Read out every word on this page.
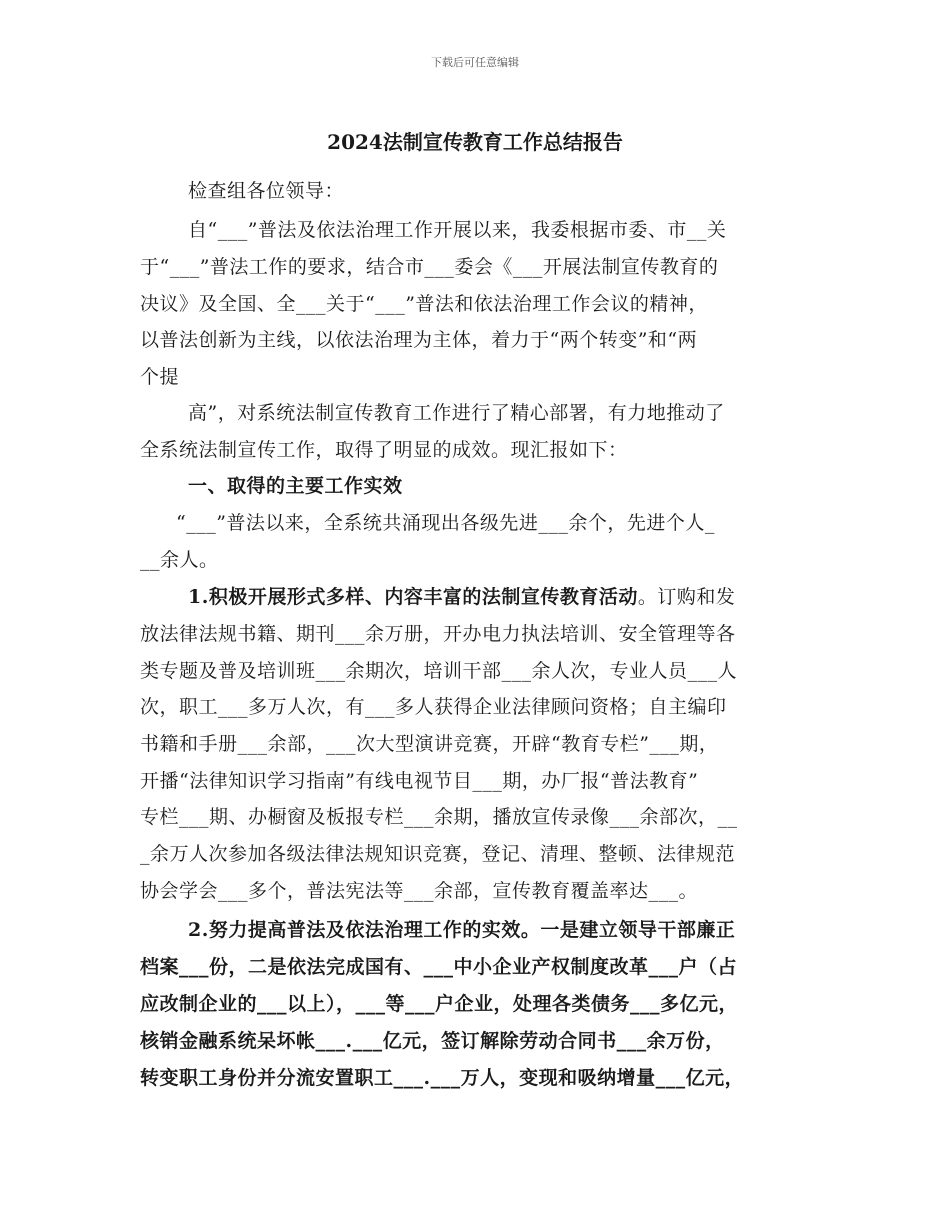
下载后可任意编辑
2024法制宣传教育工作总结报告
检查组各位领导：
自“___”普法及依法治理工作开展以来，我委根据市委、市__关
于“___”普法工作的要求，结合市___委会《___开展法制宣传教育的
决议》及全国、全___关于“___”普法和依法治理工作会议的精神，
以普法创新为主线，以依法治理为主体，着力于“两个转变”和“两
个提
高”，对系统法制宣传教育工作进行了精心部署，有力地推动了
全系统法制宣传工作，取得了明显的成效。现汇报如下：
一、取得的主要工作实效
“___”普法以来，全系统共涌现出各级先进___余个，先进个人_
__余人。
1.积极开展形式多样、内容丰富的法制宣传教育活动。订购和发
放法律法规书籍、期刊___余万册，开办电力执法培训、安全管理等各
类专题及普及培训班___余期次，培训干部___余人次，专业人员___人
次，职工___多万人次，有___多人获得企业法律顾问资格；自主编印
书籍和手册___余部，___次大型演讲竞赛，开辟“教育专栏”___期，
开播“法律知识学习指南”有线电视节目___期，办厂报“普法教育”
专栏___期、办橱窗及板报专栏___余期，播放宣传录像___余部次，__
_余万人次参加各级法律法规知识竞赛，登记、清理、整顿、法律规范
协会学会___多个，普法宪法等___余部，宣传教育覆盖率达___。
2.努力提高普法及依法治理工作的实效。一是建立领导干部廉正
档案___份，二是依法完成国有、___中小企业产权制度改革___户（占
应改制企业的___以上），___等___户企业，处理各类债务___多亿元，
核销金融系统呆坏帐___.___亿元，签订解除劳动合同书___余万份，
转变职工身份并分流安置职工___.___万人，变现和吸纳增量___亿元，
